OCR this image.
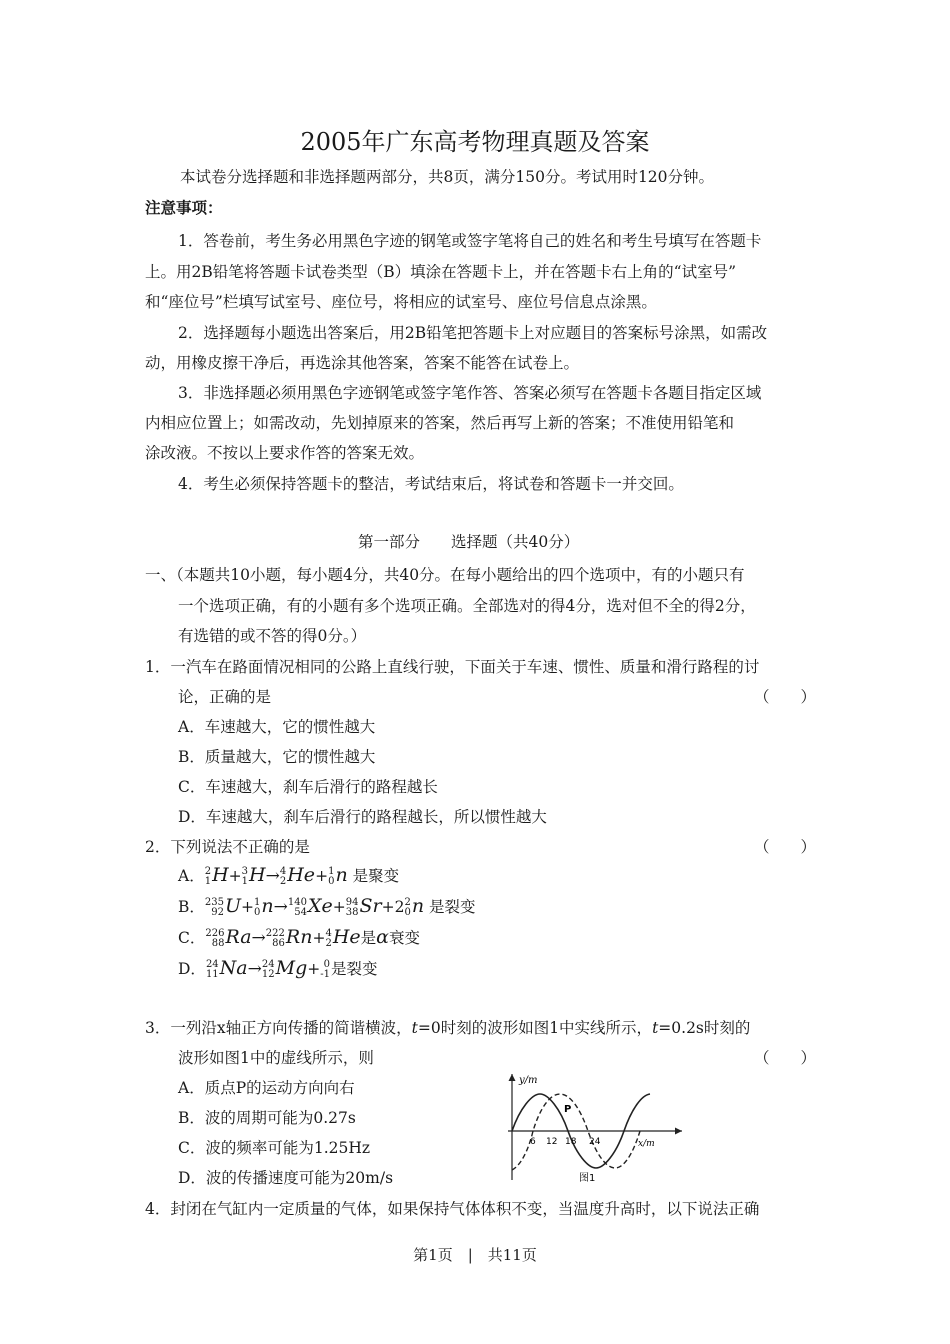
2005年广东高考物理真题及答案
本试卷分选择题和非选择题两部分，共8页，满分150分。考试用时120分钟。
注意事项：
1．答卷前，考生务必用黑色字迹的钢笔或签字笔将自己的姓名和考生号填写在答题卡
上。用2B铅笔将答题卡试卷类型（B）填涂在答题卡上，并在答题卡右上角的“试室号”
和“座位号”栏填写试室号、座位号，将相应的试室号、座位号信息点涂黑。
2．选择题每小题选出答案后，用2B铅笔把答题卡上对应题目的答案标号涂黑，如需改
动，用橡皮擦干净后，再选涂其他答案，答案不能答在试卷上。
3．非选择题必须用黑色字迹钢笔或签字笔作答、答案必须写在答题卡各题目指定区域
内相应位置上；如需改动，先划掉原来的答案，然后再写上新的答案；不准使用铅笔和
涂改液。不按以上要求作答的答案无效。
4．考生必须保持答题卡的整洁，考试结束后，将试卷和答题卡一并交回。
第一部分　　选择题（共40分）
一、（本题共10小题，每小题4分，共40分。在每小题给出的四个选项中，有的小题只有
一个选项正确，有的小题有多个选项正确。全部选对的得4分，选对但不全的得2分，
有选错的或不答的得0分。）
1．一汽车在路面情况相同的公路上直线行驶，下面关于车速、惯性、质量和滑行路程的讨
论，正确的是	（　　）
A．车速越大，它的惯性越大
B．质量越大，它的惯性越大
C．车速越大，刹车后滑行的路程越长
D．车速越大，刹车后滑行的路程越长，所以惯性越大
2．下列说法不正确的是	（　　）
A． 2
1 H+ 3
1 H→ 4
2 He+ 1
0 n 是聚变
B． 235
92 U+ 1
0 n→ 140
54 Xe+ 94
38 Sr+2 2
0 n 是裂变
C． 226
88 Ra→ 222
86 Rn+ 4
2 He是α衰变
D． 24
11 Na→ 24
12 Mg+ 0
-1 是裂变
3．一列沿x轴正方向传播的简谐横波，t=0时刻的波形如图1中实线所示，t=0.2s时刻的
波形如图1中的虚线所示，则	（　　）
A．质点P的运动方向向右
B．波的周期可能为0.27s
C．波的频率可能为1.25Hz
D．波的传播速度可能为20m/s
y/m
x/m
P
6 12 18 24
图1
4．封闭在气缸内一定质量的气体，如果保持气体体积不变，当温度升高时，以下说法正确
第1页　|　共11页
